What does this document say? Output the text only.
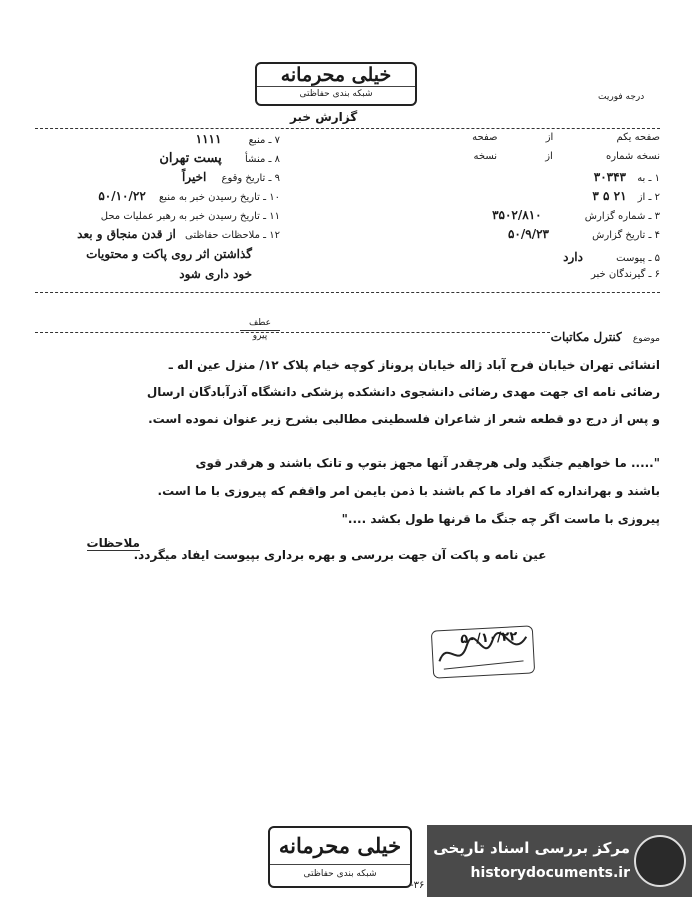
خیلی محرمانه
شبکه بندی حفاظتی
گزارش خبر
درجه فوریت
۷ ـ منبع ۱۱۱۱
۸ ـ منشأ پست تهران
۹ ـ تاریخ وقوع اخیراً
۱۰ ـ تاریخ رسیدن خبر به منبع ۵۰/۱۰/۲۲
۱۱ ـ تاریخ رسیدن خبر به رهبر عملیات محل
۱۲ ـ ملاحظات حفاظتی از قدن منجاق و بعد
گذاشتن اثر روی پاکت و محتویات
خود داری شود
صفحه یکم از صفحه
نسخه شماره از نسخه
۱ ـ به ۳۰۳۴۳
۲ ـ از ۲۱ ۵ ۳
۳ ـ شماره گزارش ۳۵۰۲/۸۱۰
۴ ـ تاریخ گزارش ۵۰/۹/۲۳
۵ ـ پیوست دارد
۶ ـ گیرندگان خبر
موضوع کنترل مکاتبات
عطف
پیرو
انشائی تهران خیابان فرح آباد ژاله خیابان پروناز کوچه خیام پلاک ۱۲/ منزل عین اله ـ
رضائی نامه ای جهت مهدی رضائی دانشجوی دانشکده پزشکی دانشگاه آذرآبادگان ارسال
و پس از درج دو قطعه شعر از شاعران فلسطینی مطالبی بشرح زیر عنوان نموده است.
"..... ما خواهیم جنگید ولی هرچقدر آنها مجهز بتوپ و تانک باشند و هرقدر قوی
باشند و بهرانداره که افراد ما کم باشند با ذمن بایمن امر واقفم که پیروزی با ما است.
پیروزی با ماست اگر چه جنگ ما قرنها طول بکشد ...."
ملاحظات
عین نامه و پاکت آن جهت بررسی و بهره برداری بپیوست ایفاد میگردد.
۵۰/۱۰/۲۲
خیلی محرمانه
شبکه بندی حفاظتی
مرکز بررسی اسناد تاریخی
historydocuments.ir
۳۶-
